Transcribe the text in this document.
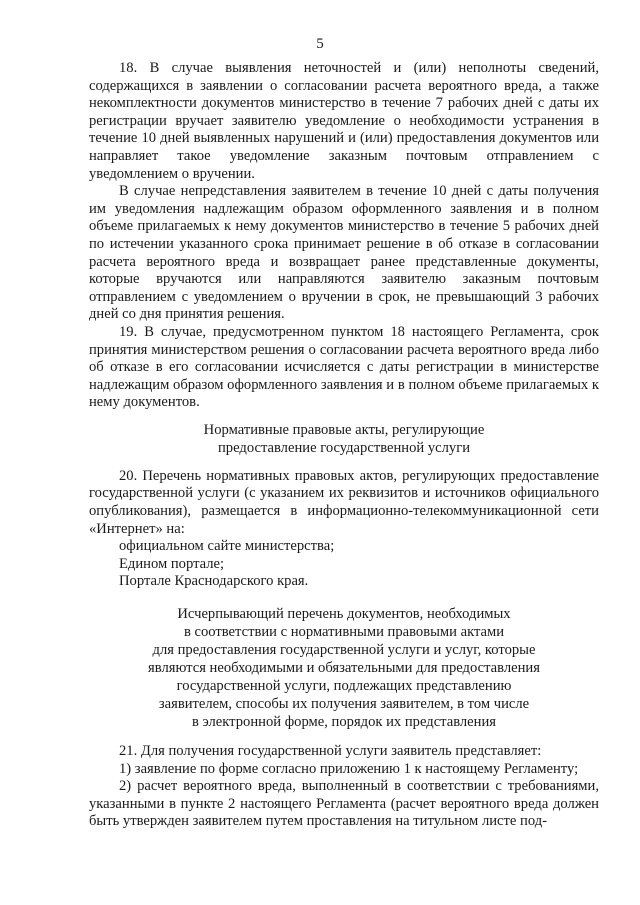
5

18. В случае выявления неточностей и (или) неполноты сведений, содержащихся в заявлении о согласовании расчета вероятного вреда, а также некомплектности документов министерство в течение 7 рабочих дней с даты их регистрации вручает заявителю уведомление о необходимости устранения в течение 10 дней выявленных нарушений и (или) предоставления документов или направляет такое уведомление заказным почтовым отправлением с уведомлением о вручении.

В случае непредставления заявителем в течение 10 дней с даты получения им уведомления надлежащим образом оформленного заявления и в полном объеме прилагаемых к нему документов министерство в течение 5 рабочих дней по истечении указанного срока принимает решение в об отказе в согласовании расчета вероятного вреда и возвращает ранее представленные документы, которые вручаются или направляются заявителю заказным почтовым отправлением с уведомлением о вручении в срок, не превышающий 3 рабочих дней со дня принятия решения.

19. В случае, предусмотренном пунктом 18 настоящего Регламента, срок принятия министерством решения о согласовании расчета вероятного вреда либо об отказе в его согласовании исчисляется с даты регистрации в министерстве надлежащим образом оформленного заявления и в полном объеме прилагаемых к нему документов.

Нормативные правовые акты, регулирующие
предоставление государственной услуги

20. Перечень нормативных правовых актов, регулирующих предоставление государственной услуги (с указанием их реквизитов и источников официального опубликования), размещается в информационно-телекоммуникационной сети «Интернет» на:

официальном сайте министерства;

Едином портале;

Портале Краснодарского края.

Исчерпывающий перечень документов, необходимых
в соответствии с нормативными правовыми актами
для предоставления государственной услуги и услуг, которые
являются необходимыми и обязательными для предоставления
государственной услуги, подлежащих представлению
заявителем, способы их получения заявителем, в том числе
в электронной форме, порядок их представления

21. Для получения государственной услуги заявитель представляет:

1) заявление по форме согласно приложению 1 к настоящему Регламенту;

2) расчет вероятного вреда, выполненный в соответствии с требованиями, указанными в пункте 2 настоящего Регламента (расчет вероятного вреда должен быть утвержден заявителем путем проставления на титульном листе под-
